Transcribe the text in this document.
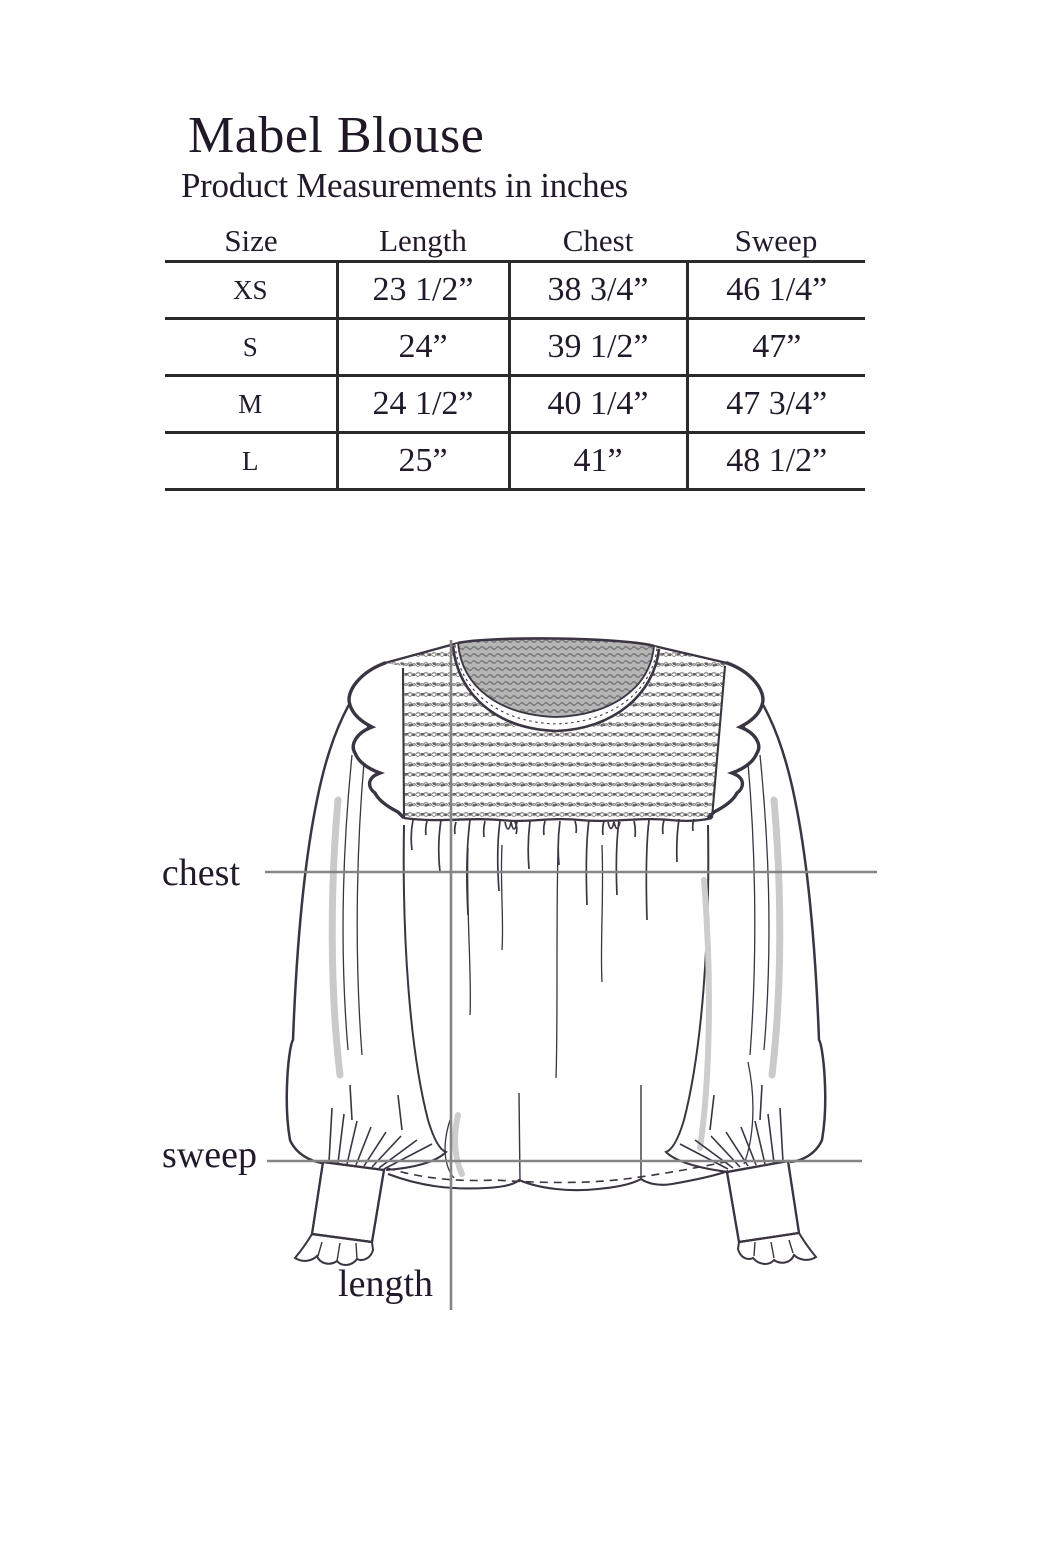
Mabel Blouse
Product Measurements in inches
Size	Length	Chest	Sweep
XS	23 1/2”	38 3/4”	46 1/4”
S	24”	39 1/2”	47”
M	24 1/2”	40 1/4”	47 3/4”
L	25”	41”	48 1/2”
chest
sweep
length
